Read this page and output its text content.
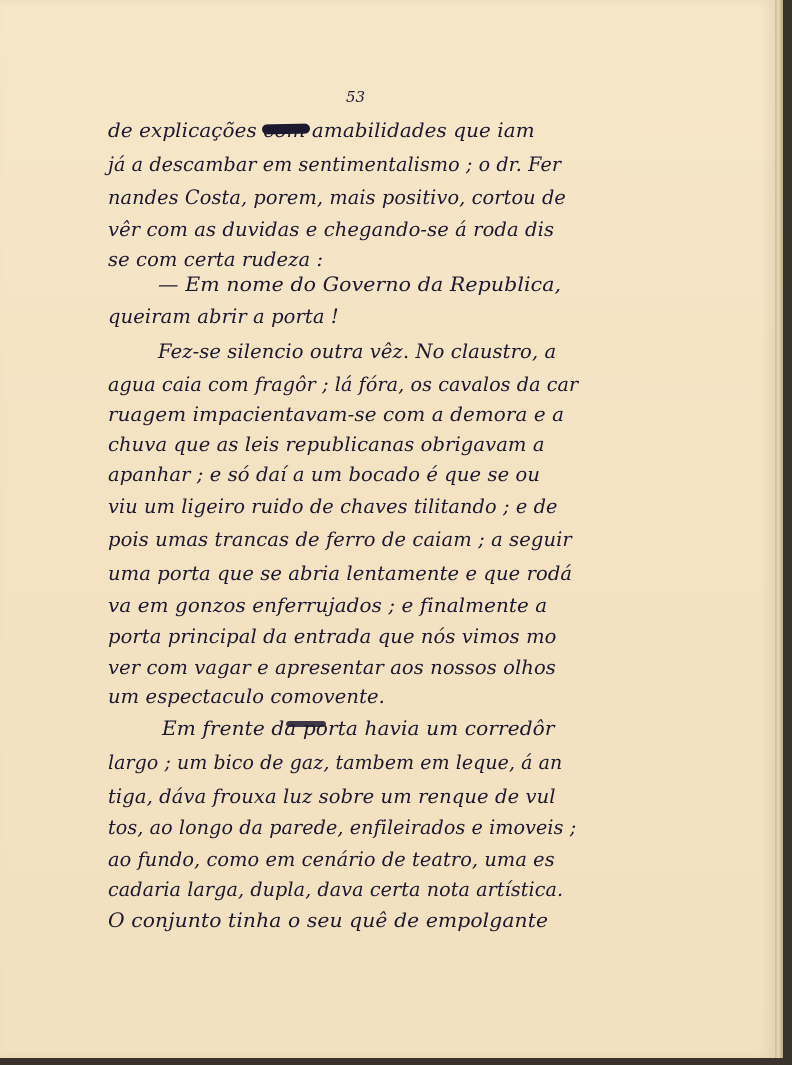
53
de explicações com amabilidades que iam
já a descambar em sentimentalismo ; o dr. Fer
nandes Costa, porem, mais positivo, cortou de
vêr com as duvidas e chegando-se á roda dis
se com certa rudeza :
— Em nome do Governo da Republica,
queiram abrir a porta !
Fez-se silencio outra vêz. No claustro, a
agua caia com fragôr ; lá fóra, os cavalos da car
ruagem impacientavam-se com a demora e a
chuva que as leis republicanas obrigavam a
apanhar ; e só daí a um bocado é que se ou
viu um ligeiro ruido de chaves tilitando ; e de
pois umas trancas de ferro de caiam ; a seguir
uma porta que se abria lentamente e que rodá
va em gonzos enferrujados ; e finalmente a
porta principal da entrada que nós vimos mo
ver com vagar e apresentar aos nossos olhos
um espectaculo comovente.
Em frente da porta havia um corredôr
largo ; um bico de gaz, tambem em leque, á an
tiga, dáva frouxa luz sobre um renque de vul
tos, ao longo da parede, enfileirados e imoveis ;
ao fundo, como em cenário de teatro, uma es
cadaria larga, dupla, dava certa nota artística.
O conjunto tinha o seu quê de empolgante
